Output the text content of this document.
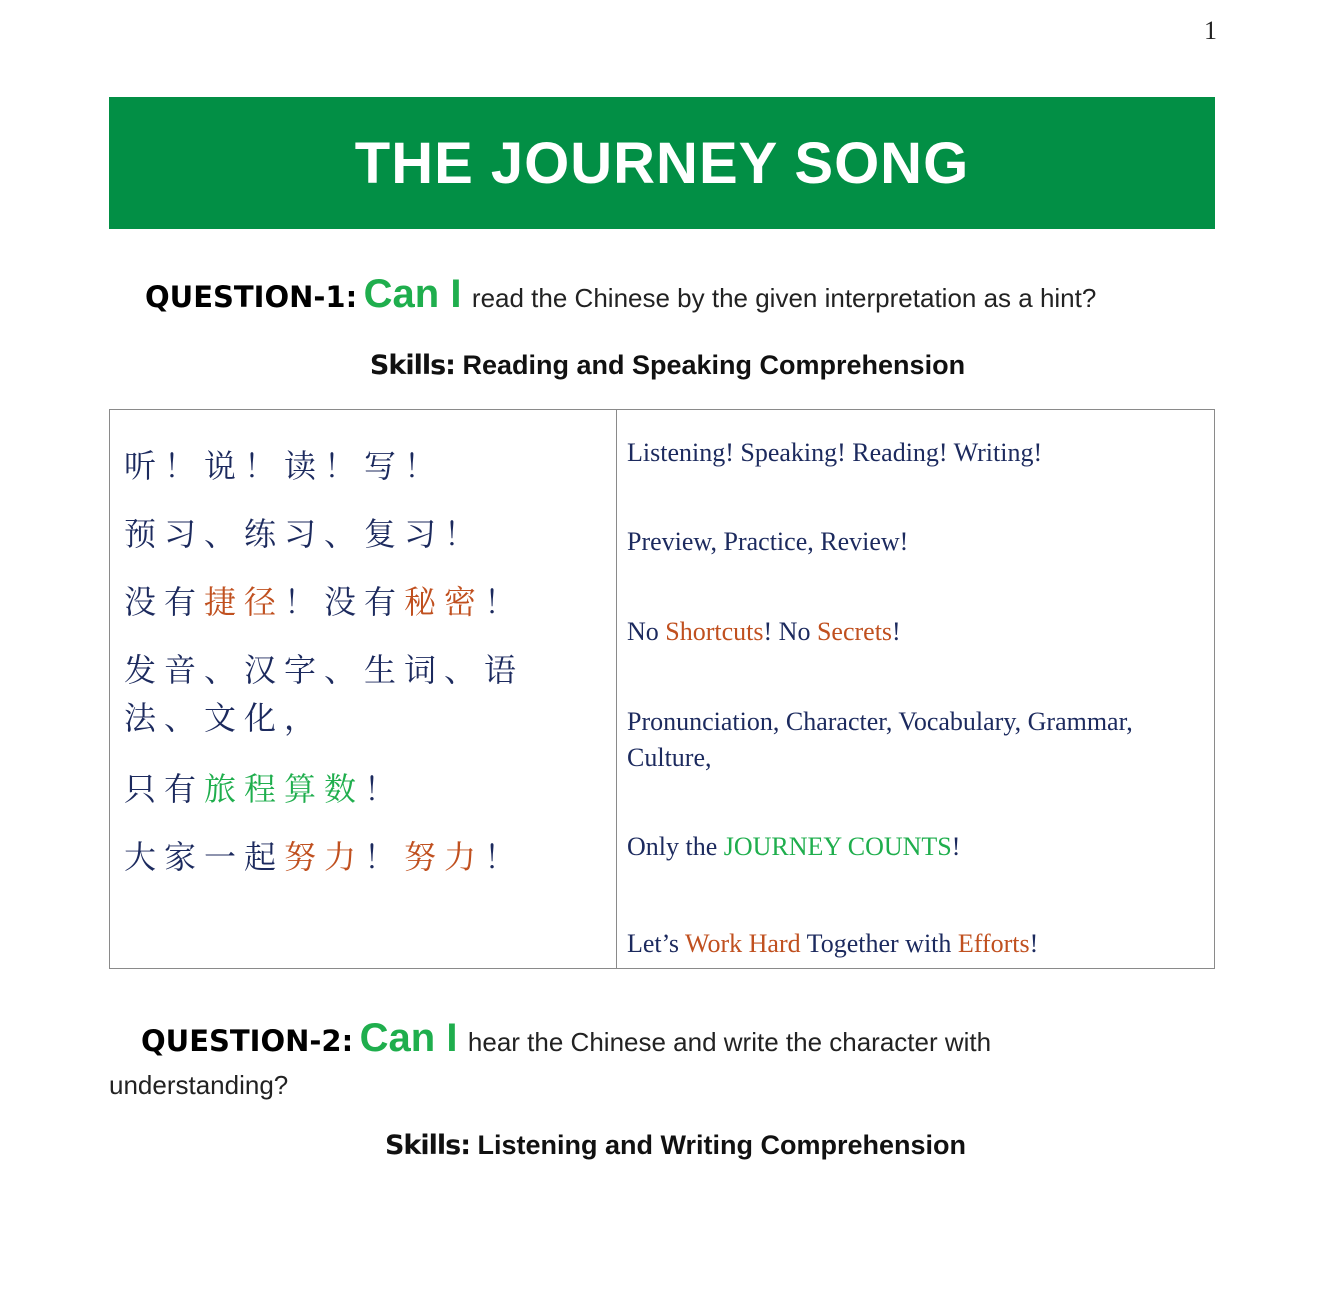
1
THE JOURNEY SONG
QUESTION-1: Can I read the Chinese by the given interpretation as a hint?
Skills: Reading and Speaking Comprehension
听！说！读！写！
预习、练习、复习！
没有捷径！没有秘密！
发音、汉字、生词、语法、文化，
只有旅程算数！
大家一起努力！努力！
Listening! Speaking! Reading! Writing!
Preview, Practice, Review!
No Shortcuts! No Secrets!
Pronunciation, Character, Vocabulary, Grammar, Culture,
Only the JOURNEY COUNTS!
Let’s Work Hard Together with Efforts!
QUESTION-2: Can I hear the Chinese and write the character with
understanding?
Skills: Listening and Writing Comprehension
